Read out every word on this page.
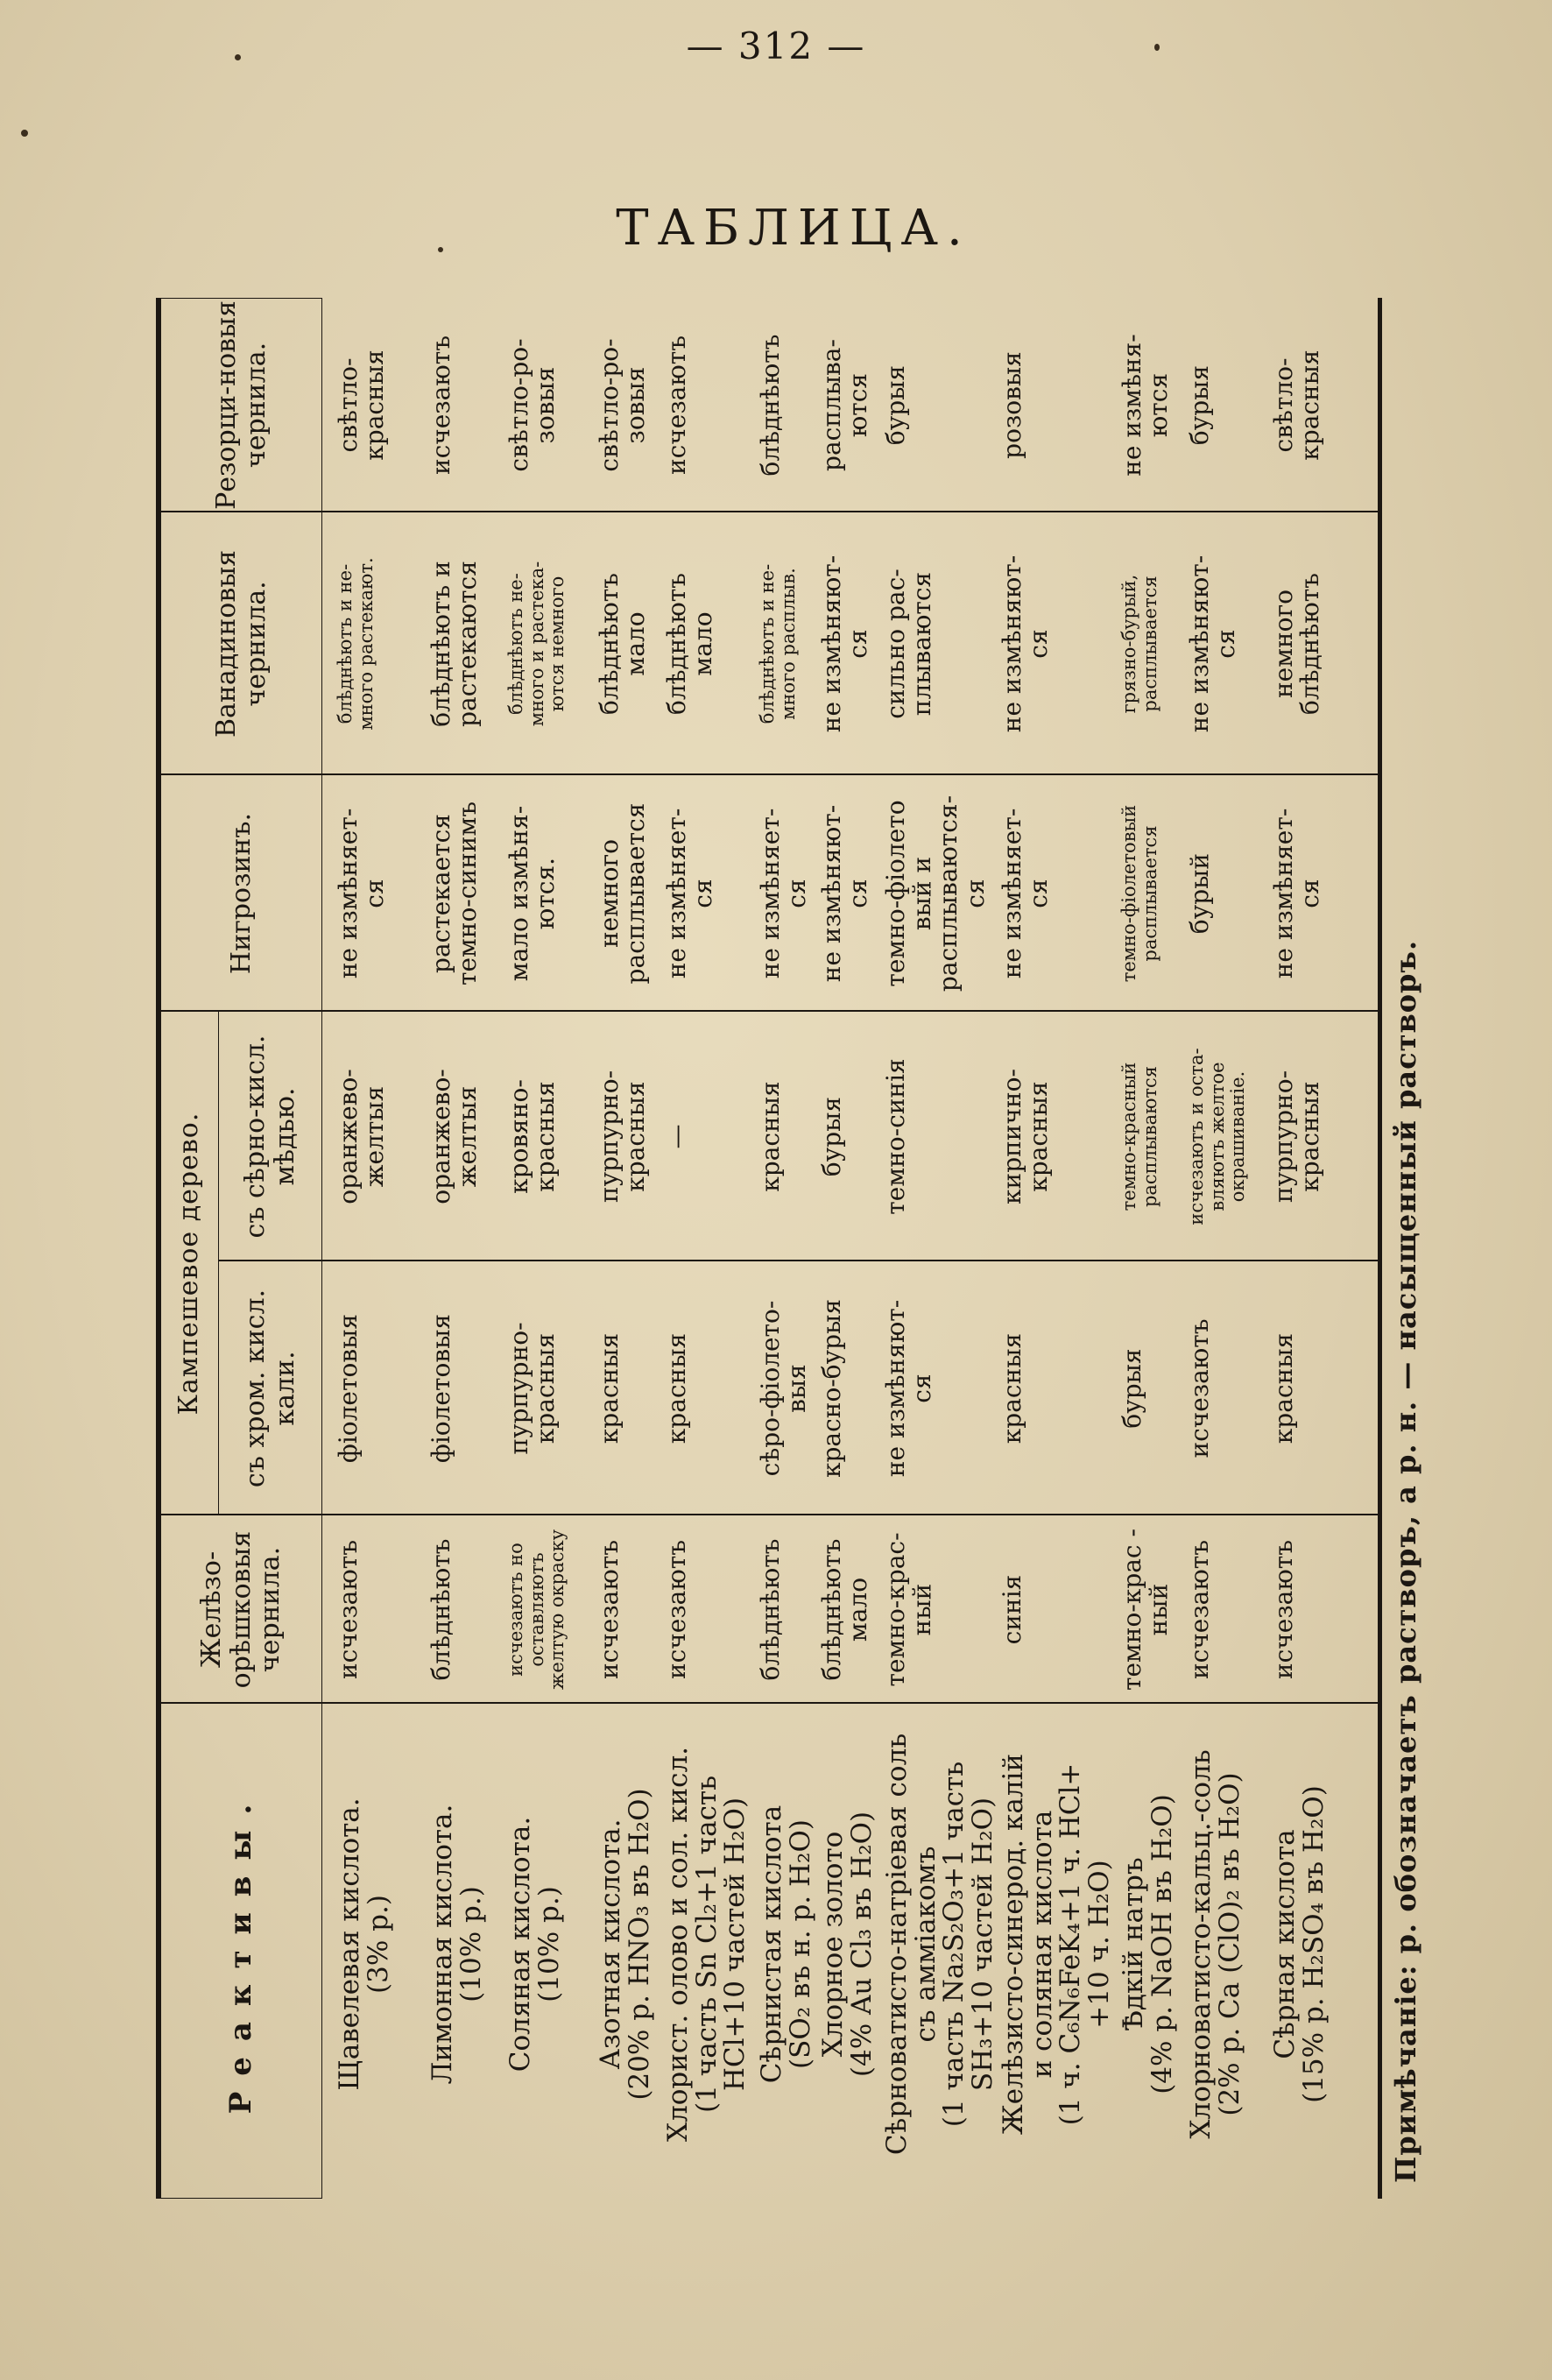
— 312 —
ТАБЛИЦА.
Реактивы.
Желѣзо-орѣшковыя чернила.
Кампешевое дерево.	съ хром. кисл. кали.
съ сѣрно-кисл. мѣдью.
Нигрозинъ.
Ванадиновыя чернила.
Резорци-новыя чернила.
Щавелевая кислота.
(3% р.)
исчезаютъ
фіолетовыя
оранжево-
желтыя
не измѣняет-
ся
блѣднѣютъ и не-
много растекают.
свѣтло-
красныя
Лимонная кислота.
(10% р.)
блѣднѣютъ
фіолетовыя
оранжево-
желтыя
растекается
темно-синимъ
блѣднѣютъ и
растекаются
исчезаютъ
Соляная кислота.
(10% р.)
исчезаютъ но
оставляютъ
желтую окраску
пурпурно-
красныя
кровяно-
красныя
мало измѣня-
ются.
блѣднѣютъ не-
много и растека-
ются немного
свѣтло-ро-
зовыя
Азотная кислота.
(20% р. HNO₃ въ H₂O)
исчезаютъ
красныя
пурпурно-
красныя
немного
расплывается
блѣднѣютъ
мало
свѣтло-ро-
зовыя
Хлорист. олово и сол. кисл.
(1 часть Sn Cl₂+1 часть
HCl+10 частей H₂O)
исчезаютъ
красныя
—
не измѣняет-
ся
блѣднѣютъ
мало
исчезаютъ
Сѣрнистая кислота
(SO₂ въ н. р. H₂O)
блѣднѣютъ
сѣро-фіолето-
выя
красныя
не измѣняет-
ся
блѣднѣютъ и не-
много расплыв.
блѣднѣютъ
Хлорное золото
(4% Au Cl₃ въ H₂O)
блѣднѣютъ
мало
красно-бурыя
бурыя
не измѣняют-
ся
не измѣняют-
ся
расплыва-
ются
Сѣрноватисто-натріевая соль
съ аммiакомъ
(1 часть Na₂S₂O₃+1 часть
SH₃+10 частей H₂O)
темно-крас-
ный
не измѣняют-
ся
темно-синія
темно-фіолето
вый и
расплываются-
ся
сильно рас-
плываются
бурыя
Желѣзисто-синерод. калій
и соляная кислота
(1 ч. C₆N₆FeK₄+1 ч. HCl+
+10 ч. H₂O)
синія
красныя
кирпично-
красныя
не измѣняет-
ся
не измѣняют-
ся
розовыя
Ѣдкій натръ
(4% р. NaOH въ H₂O)
темно-крас -
ный
бурыя
темно-красный
расплываются
темно-фіолетовый
расплывается
грязно-бурый,
расплывается
не измѣня-
ются
Хлорноватисто-кальц.-соль
(2% р. Ca (ClO)₂ въ H₂O)
исчезаютъ
исчезаютъ
исчезаютъ и оста-
вляютъ желтое
окрашиванiе.
бурый
не измѣняют-
ся
бурыя
Сѣрная кислота
(15% р. H₂SO₄ въ H₂O)
исчезаютъ
красныя
пурпурно-
красныя
не измѣняет-
ся
немного
блѣднѣютъ
свѣтло-
красныя
Примѣчаніе: р. обозначаетъ растворъ, а р. н. — насыщенный растворъ.
